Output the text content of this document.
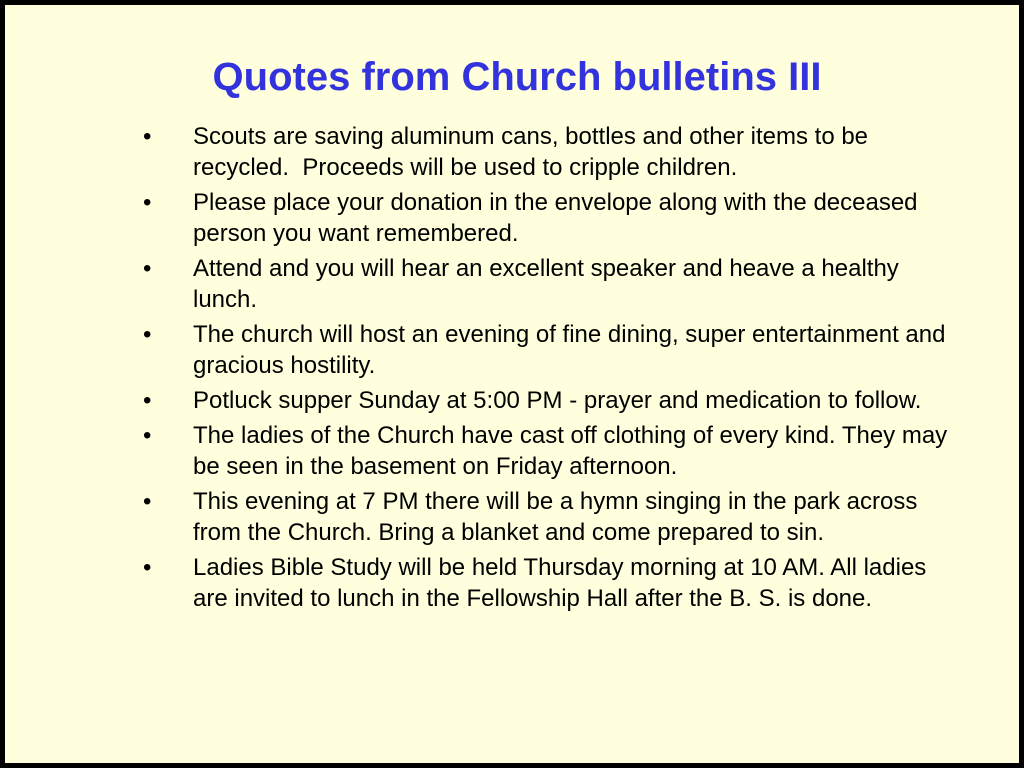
Quotes from Church bulletins III
• Scouts are saving aluminum cans, bottles and other items to be recycled.  Proceeds will be used to cripple children.
• Please place your donation in the envelope along with the deceased person you want remembered.
• Attend and you will hear an excellent speaker and heave a healthy lunch.
• The church will host an evening of fine dining, super entertainment and gracious hostility.
• Potluck supper Sunday at 5:00 PM - prayer and medication to follow.
• The ladies of the Church have cast off clothing of every kind. They may be seen in the basement on Friday afternoon.
• This evening at 7 PM there will be a hymn singing in the park across from the Church. Bring a blanket and come prepared to sin.
• Ladies Bible Study will be held Thursday morning at 10 AM. All ladies are invited to lunch in the Fellowship Hall after the B. S. is done.
